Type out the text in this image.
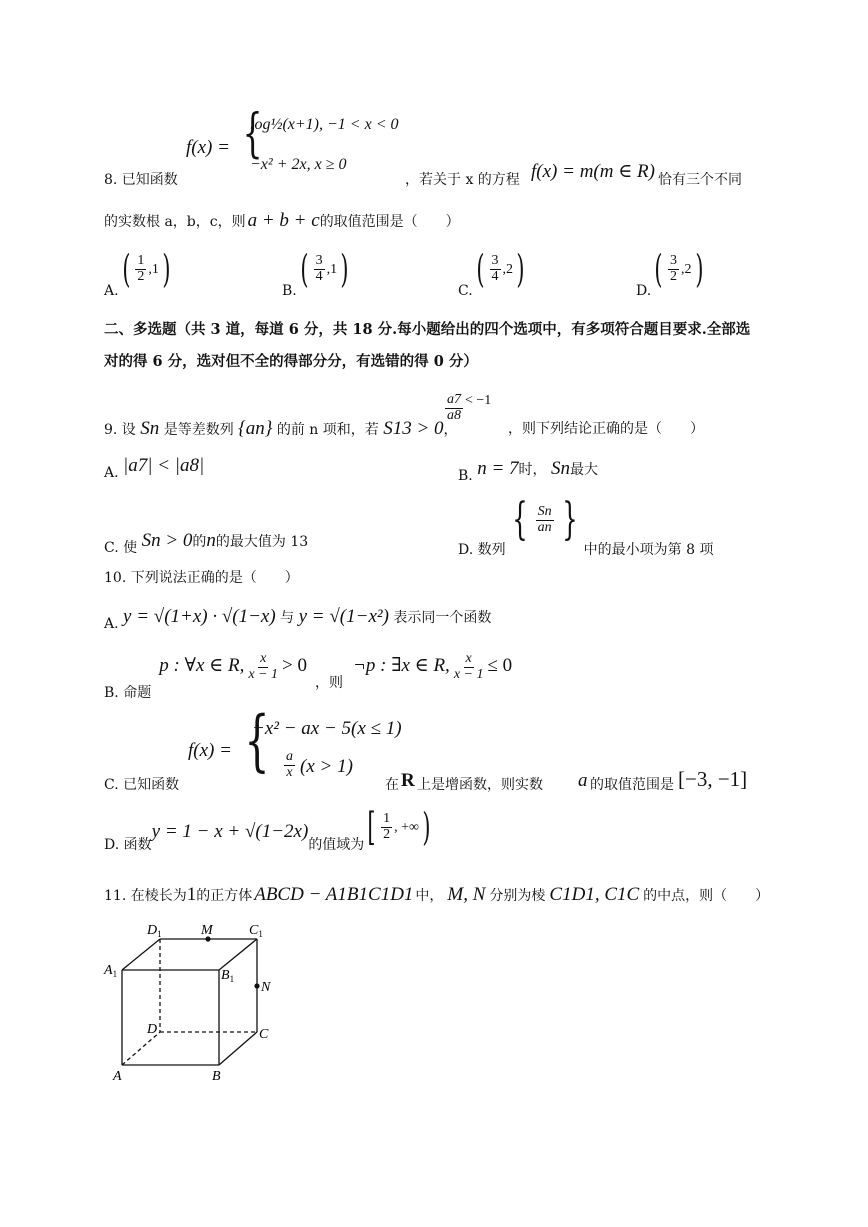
f(x) = {
log½(x+1), −1 < x < 0
−x² + 2x, x ≥ 0
8. 已知函数	，若关于 x 的方程 f(x) = m(m ∈ R) 恰有三个不同
的实数根 a，b，c，则 a + b + c的取值范围是（　　）
$A.( \frac{1}{2} ,1)$	$B.( \frac{3}{4} ,1)$	$C.( \frac{3}{4} ,2)$	$D.( \frac{3}{2} ,2)$
二、多选题（共 3 道，每道 6 分，共 18 分.每小题给出的四个选项中，有多项符合题目要求.全部选
对的得 6 分，选对但不全的得部分分，有选错的得 0 分）
9. 设 Sn 是等差数列 {an} 的前 n 项和，若 S13 > 0，
$\frac{a7}{a8} < -1$
，则下列结论正确的是（　　）
A. |a7| < |a8|	B. n = 7时， Sn最大
C. 使 Sn > 0的n的最大值为 13	D. 数列{ $\frac{Sn}{an}$ }中的最小项为第 8 项
10. 下列说法正确的是（　　）
A. y = √(1+x) · √(1−x) 与 y = √(1−x²) 表示同一个函数
B. 命题p : ∀x ∈ R, $\frac{x}{x - 1} > 0$，则¬p : ∃x ∈ R, $\frac{x}{x - 1} \le 0$
C. 已知函数
f(x) = {
−x² − ax − 5(x ≤ 1)
a
x (x > 1)
在 R 上是增函数，则实数 a 的取值范围是 [−3, −1]
D. 函数y = 1 − x + √(1−2x)的值域为[ $\frac{1}{2}$ , +∞)
11. 在棱长为1的正方体 ABCD − A1B1C1D1 中， M, N 分别为棱 C1D1, C1C 的中点，则（　　）
$D_1$	M	$C_1$
$A_1$	$B_1$
N
D	C
A	B
